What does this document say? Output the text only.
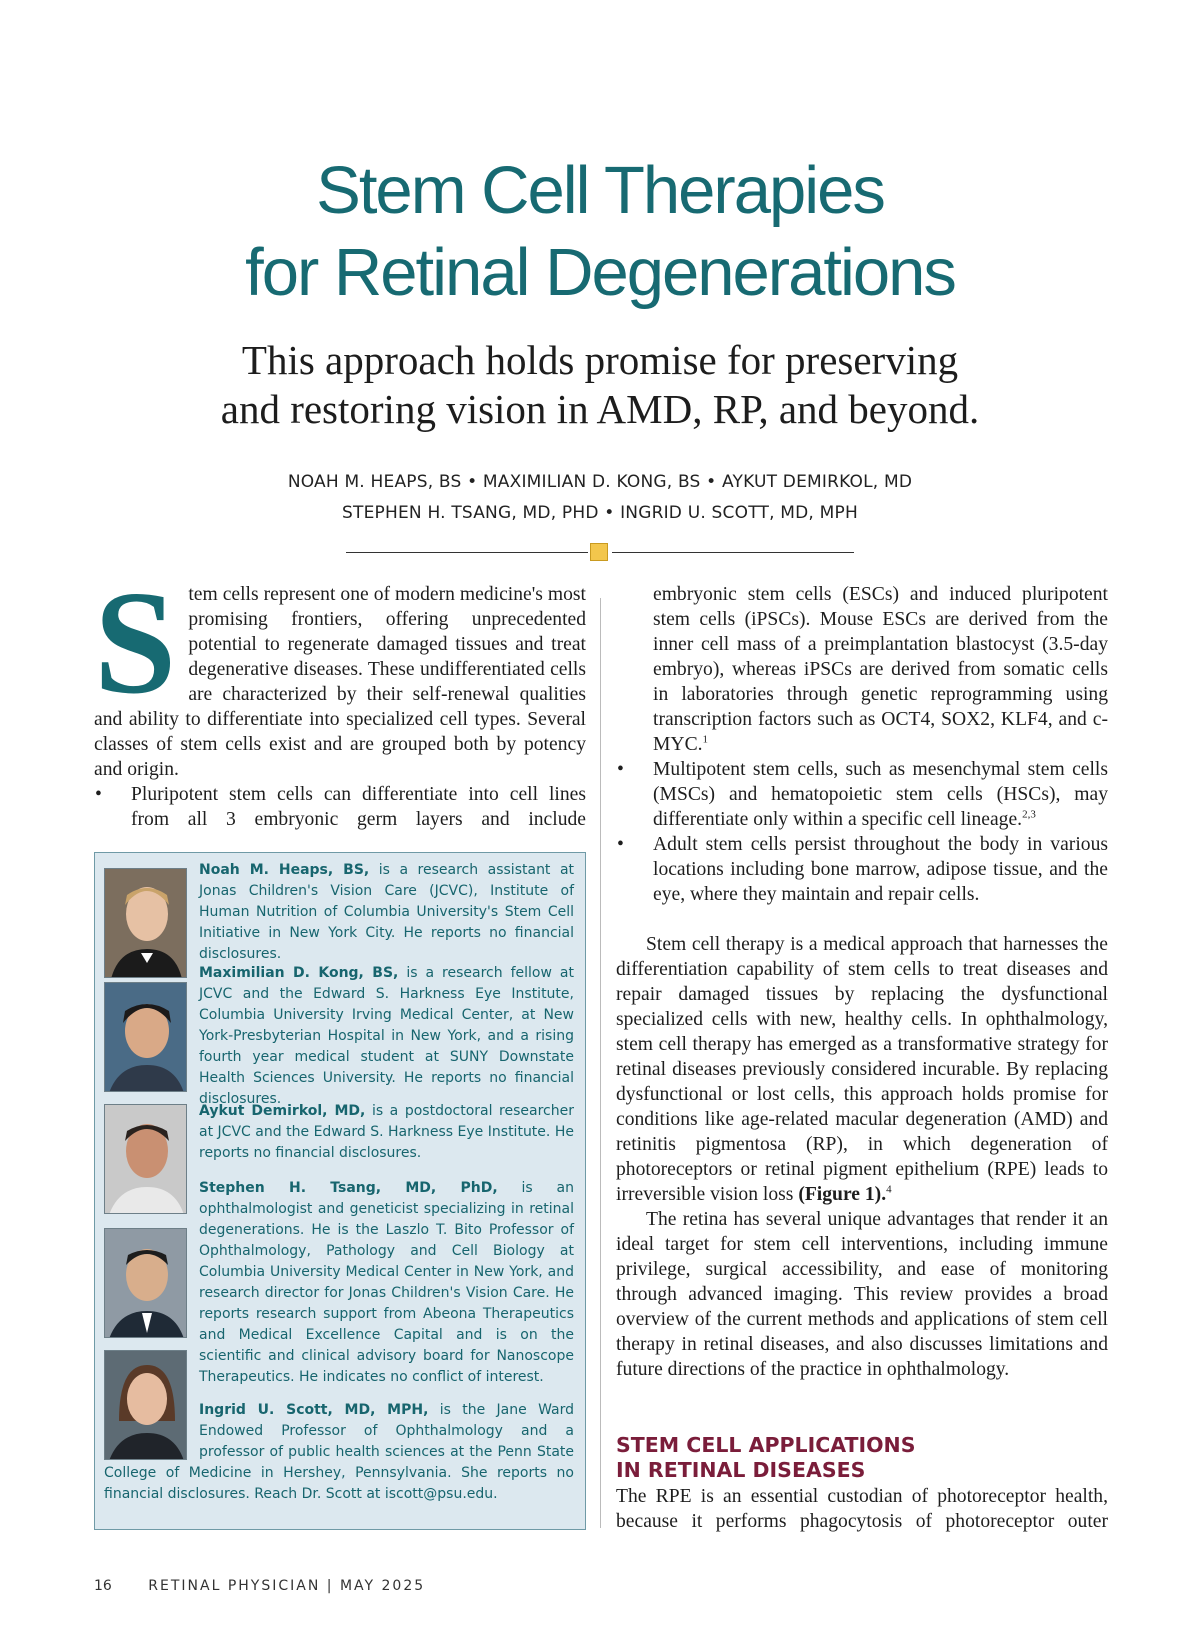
Stem Cell Therapies
for Retinal Degenerations
This approach holds promise for preserving
and restoring vision in AMD, RP, and beyond.
NOAH M. HEAPS, BS • MAXIMILIAN D. KONG, BS • AYKUT DEMIRKOL, MD
STEPHEN H. TSANG, MD, PHD • INGRID U. SCOTT, MD, MPH

Stem cells represent one of modern medicine's most promising frontiers, offering unprecedented potential to regenerate damaged tissues and treat degenerative diseases. These undifferentiated cells are characterized by their self-renewal qualities and ability to differentiate into specialized cell types. Several classes of stem cells exist and are grouped both by potency and origin.

• Pluripotent stem cells can differentiate into cell lines from all 3 embryonic germ layers and include

Noah M. Heaps, BS, is a research assistant at Jonas Children's Vision Care (JCVC), Institute of Human Nutrition of Columbia University's Stem Cell Initiative in New York City. He reports no financial disclosures.
Maximilian D. Kong, BS, is a research fellow at JCVC and the Edward S. Harkness Eye Institute, Columbia University Irving Medical Center, at New York-Presbyterian Hospital in New York, and a rising fourth year medical student at SUNY Downstate Health Sciences University. He reports no financial disclosures.
Aykut Demirkol, MD, is a postdoctoral researcher at JCVC and the Edward S. Harkness Eye Institute. He reports no financial disclosures.
Stephen H. Tsang, MD, PhD, is an ophthalmologist and geneticist specializing in retinal degenerations. He is the Laszlo T. Bito Professor of Ophthalmology, Pathology and Cell Biology at Columbia University Medical Center in New York, and research director for Jonas Children's Vision Care. He reports research support from Abeona Therapeutics and Medical Excellence Capital and is on the scientific and clinical advisory board for Nanoscope Therapeutics. He indicates no conflict of interest.
Ingrid U. Scott, MD, MPH, is the Jane Ward Endowed Professor of Ophthalmology and a professor of public health sciences at the Penn State College of Medicine in Hershey, Pennsylvania. She reports no financial disclosures. Reach Dr. Scott at iscott@psu.edu.

embryonic stem cells (ESCs) and induced pluripotent stem cells (iPSCs). Mouse ESCs are derived from the inner cell mass of a preimplantation blastocyst (3.5-day embryo), whereas iPSCs are derived from somatic cells in laboratories through genetic reprogramming using transcription factors such as OCT4, SOX2, KLF4, and c-MYC.$^1$

• Multipotent stem cells, such as mesenchymal stem cells (MSCs) and hematopoietic stem cells (HSCs), may differentiate only within a specific cell lineage.$^{2,3}$

• Adult stem cells persist throughout the body in various locations including bone marrow, adipose tissue, and the eye, where they maintain and repair cells.

Stem cell therapy is a medical approach that harnesses the differentiation capability of stem cells to treat diseases and repair damaged tissues by replacing the dysfunctional specialized cells with new, healthy cells. In ophthalmology, stem cell therapy has emerged as a transformative strategy for retinal diseases previously considered incurable. By replacing dysfunctional or lost cells, this approach holds promise for conditions like age-related macular degeneration (AMD) and retinitis pigmentosa (RP), in which degeneration of photoreceptors or retinal pigment epithelium (RPE) leads to irreversible vision loss (Figure 1).$^4$

The retina has several unique advantages that render it an ideal target for stem cell interventions, including immune privilege, surgical accessibility, and ease of monitoring through advanced imaging. This review provides a broad overview of the current methods and applications of stem cell therapy in retinal diseases, and also discusses limitations and future directions of the practice in ophthalmology.

STEM CELL APPLICATIONS
IN RETINAL DISEASES

The RPE is an essential custodian of photoreceptor health, because it performs phagocytosis of photoreceptor outer

16	RETINAL PHYSICIAN | MAY 2025
